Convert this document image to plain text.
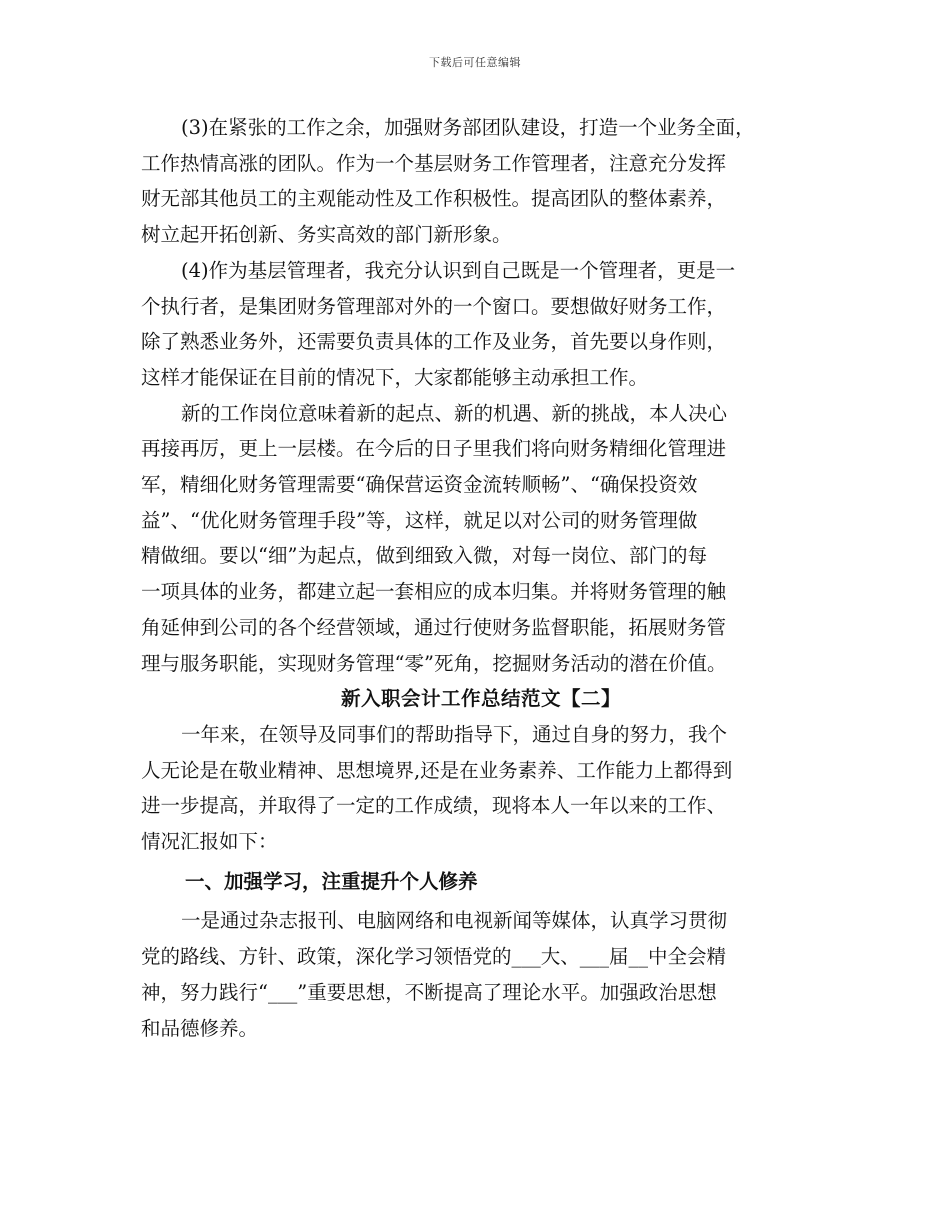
下载后可任意编辑

(3)在紧张的工作之余，加强财务部团队建设，打造一个业务全面，
工作热情高涨的团队。作为一个基层财务工作管理者，注意充分发挥
财无部其他员工的主观能动性及工作积极性。提高团队的整体素养，
树立起开拓创新、务实高效的部门新形象。

(4)作为基层管理者，我充分认识到自己既是一个管理者，更是一
个执行者，是集团财务管理部对外的一个窗口。要想做好财务工作，
除了熟悉业务外，还需要负责具体的工作及业务，首先要以身作则，
这样才能保证在目前的情况下，大家都能够主动承担工作。

新的工作岗位意味着新的起点、新的机遇、新的挑战，本人决心
再接再厉，更上一层楼。在今后的日子里我们将向财务精细化管理进
军，精细化财务管理需要“确保营运资金流转顺畅”、“确保投资效
益”、“优化财务管理手段”等，这样，就足以对公司的财务管理做
精做细。要以“细”为起点，做到细致入微，对每一岗位、部门的每
一项具体的业务，都建立起一套相应的成本归集。并将财务管理的触
角延伸到公司的各个经营领域，通过行使财务监督职能，拓展财务管
理与服务职能，实现财务管理“零”死角，挖掘财务活动的潜在价值。

新入职会计工作总结范文【二】

一年来，在领导及同事们的帮助指导下，通过自身的努力，我个
人无论是在敬业精神、思想境界,还是在业务素养、工作能力上都得到
进一步提高，并取得了一定的工作成绩，现将本人一年以来的工作、
情况汇报如下：

一、加强学习，注重提升个人修养

一是通过杂志报刊、电脑网络和电视新闻等媒体，认真学习贯彻
党的路线、方针、政策，深化学习领悟党的___大、___届__中全会精
神，努力践行“___”重要思想，不断提高了理论水平。加强政治思想
和品德修养。
